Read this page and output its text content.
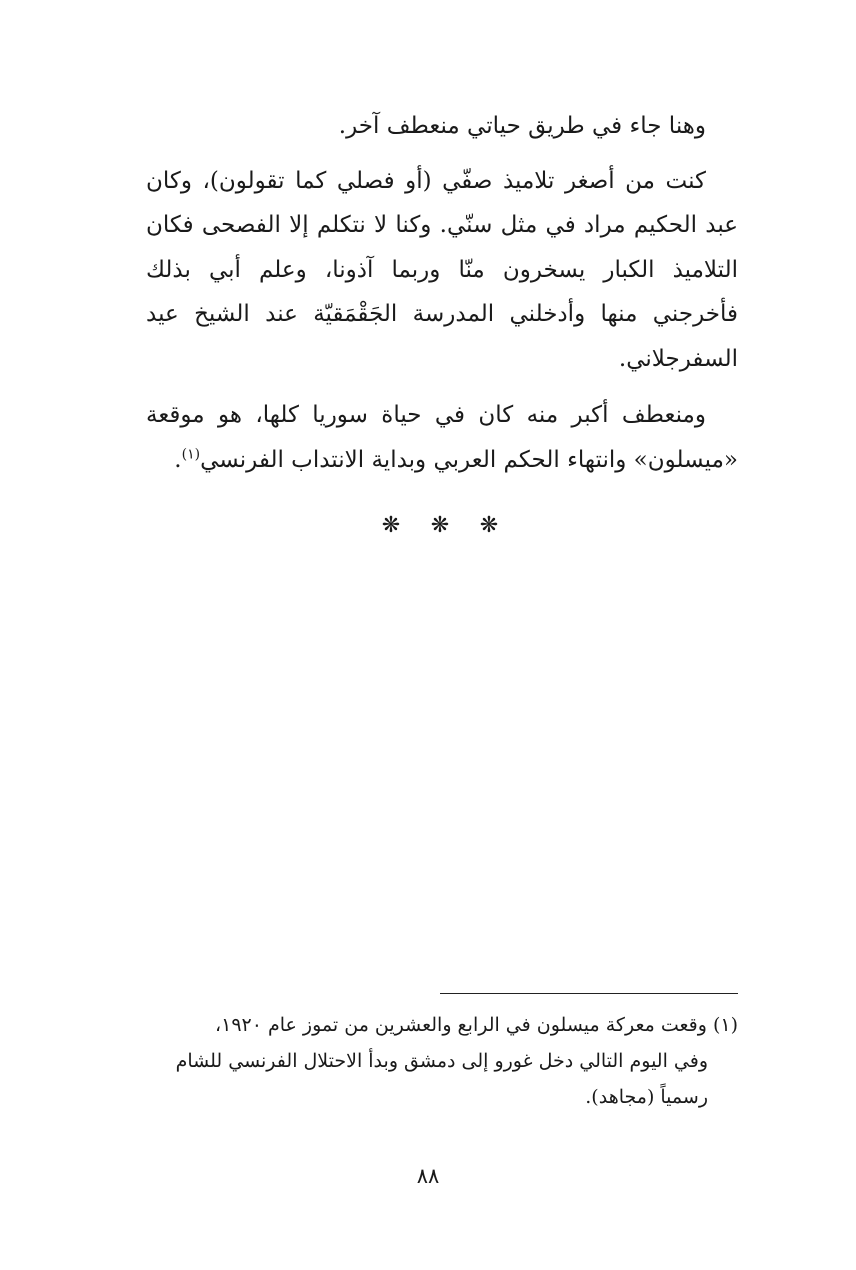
وهنا جاء في طريق حياتي منعطف آخر.

كنت من أصغر تلاميذ صفّي (أو فصلي كما تقولون)، وكان عبد الحكيم مراد في مثل سنّي. وكنا لا نتكلم إلا الفصحى فكان التلاميذ الكبار يسخرون منّا وربما آذونا، وعلم أبي بذلك فأخرجني منها وأدخلني المدرسة الجَقْمَقيّة عند الشيخ عيد السفرجلاني.

ومنعطف أكبر منه كان في حياة سوريا كلها، هو موقعة «ميسلون» وانتهاء الحكم العربي وبداية الانتداب الفرنسي$^{(١)}$.

❋
❋
❋
(١) وقعت معركة ميسلون في الرابع والعشرين من تموز عام ١٩٢٠،
وفي اليوم التالي دخل غورو إلى دمشق وبدأ الاحتلال الفرنسي للشام
رسمياً (مجاهد).
٨٨
